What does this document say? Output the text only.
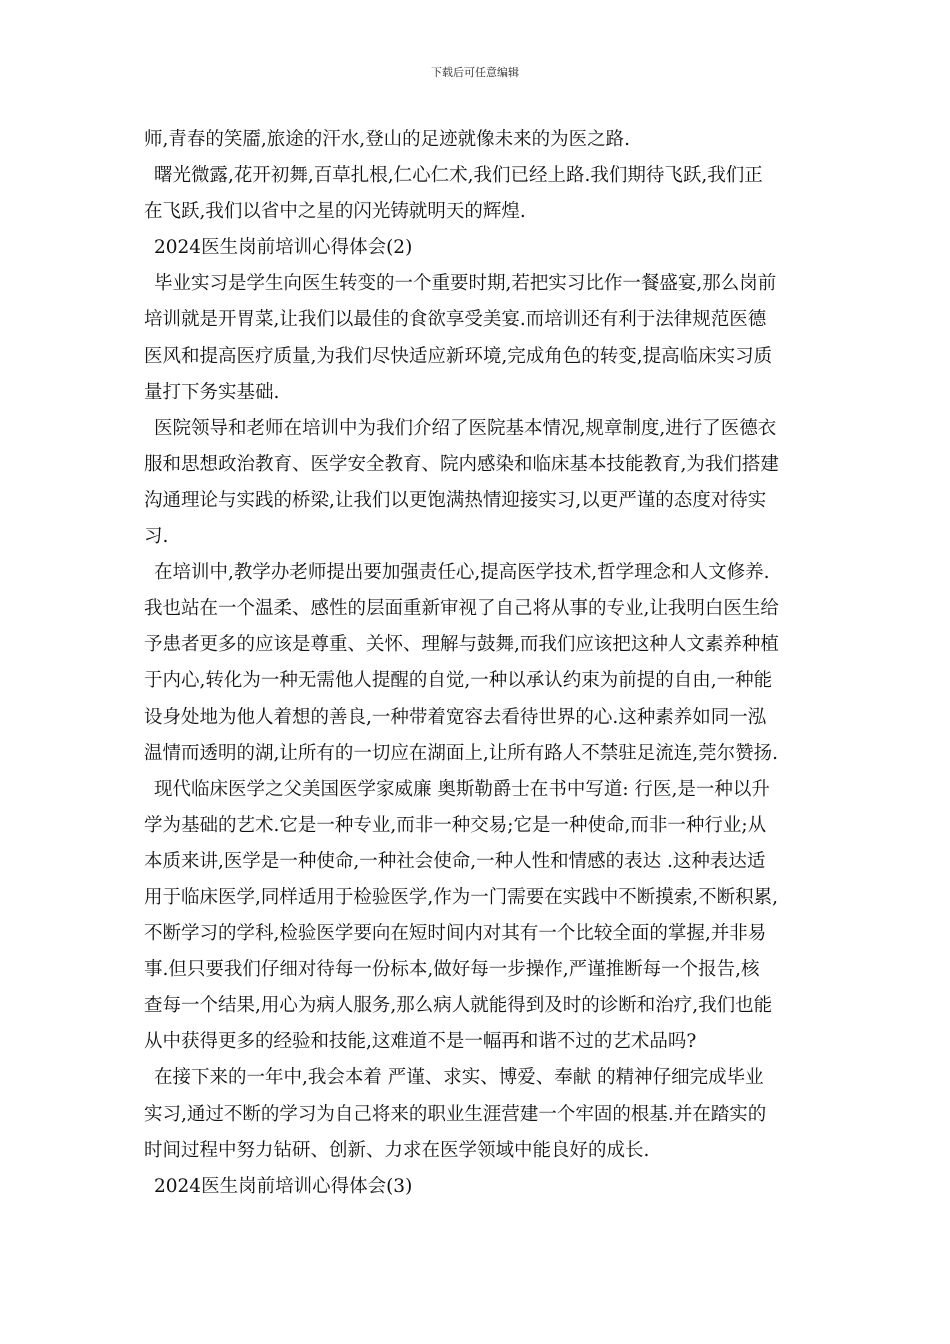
下载后可任意编辑
师,青春的笑靥,旅途的汗水,登山的足迹就像未来的为医之路.
曙光微露,花开初舞,百草扎根,仁心仁术,我们已经上路.我们期待飞跃,我们正
在飞跃,我们以省中之星的闪光铸就明天的辉煌.
2024医生岗前培训心得体会(2)
毕业实习是学生向医生转变的一个重要时期,若把实习比作一餐盛宴,那么岗前
培训就是开胃菜,让我们以最佳的食欲享受美宴.而培训还有利于法律规范医德
医风和提高医疗质量,为我们尽快适应新环境,完成角色的转变,提高临床实习质
量打下务实基础.
医院领导和老师在培训中为我们介绍了医院基本情况,规章制度,进行了医德衣
服和思想政治教育、医学安全教育、院内感染和临床基本技能教育,为我们搭建
沟通理论与实践的桥梁,让我们以更饱满热情迎接实习,以更严谨的态度对待实
习.
在培训中,教学办老师提出要加强责任心,提高医学技术,哲学理念和人文修养.
我也站在一个温柔、感性的层面重新审视了自己将从事的专业,让我明白医生给
予患者更多的应该是尊重、关怀、理解与鼓舞,而我们应该把这种人文素养种植
于内心,转化为一种无需他人提醒的自觉,一种以承认约束为前提的自由,一种能
设身处地为他人着想的善良,一种带着宽容去看待世界的心.这种素养如同一泓
温情而透明的湖,让所有的一切应在湖面上,让所有路人不禁驻足流连,莞尔赞扬.
现代临床医学之父美国医学家威廉 奥斯勒爵士在书中写道: 行医,是一种以升
学为基础的艺术.它是一种专业,而非一种交易;它是一种使命,而非一种行业;从
本质来讲,医学是一种使命,一种社会使命,一种人性和情感的表达 .这种表达适
用于临床医学,同样适用于检验医学,作为一门需要在实践中不断摸索,不断积累,
不断学习的学科,检验医学要向在短时间内对其有一个比较全面的掌握,并非易
事.但只要我们仔细对待每一份标本,做好每一步操作,严谨推断每一个报告,核
查每一个结果,用心为病人服务,那么病人就能得到及时的诊断和治疗,我们也能
从中获得更多的经验和技能,这难道不是一幅再和谐不过的艺术品吗?
在接下来的一年中,我会本着 严谨、求实、博爱、奉献 的精神仔细完成毕业
实习,通过不断的学习为自己将来的职业生涯营建一个牢固的根基.并在踏实的
时间过程中努力钻研、创新、力求在医学领域中能良好的成长.
2024医生岗前培训心得体会(3)
